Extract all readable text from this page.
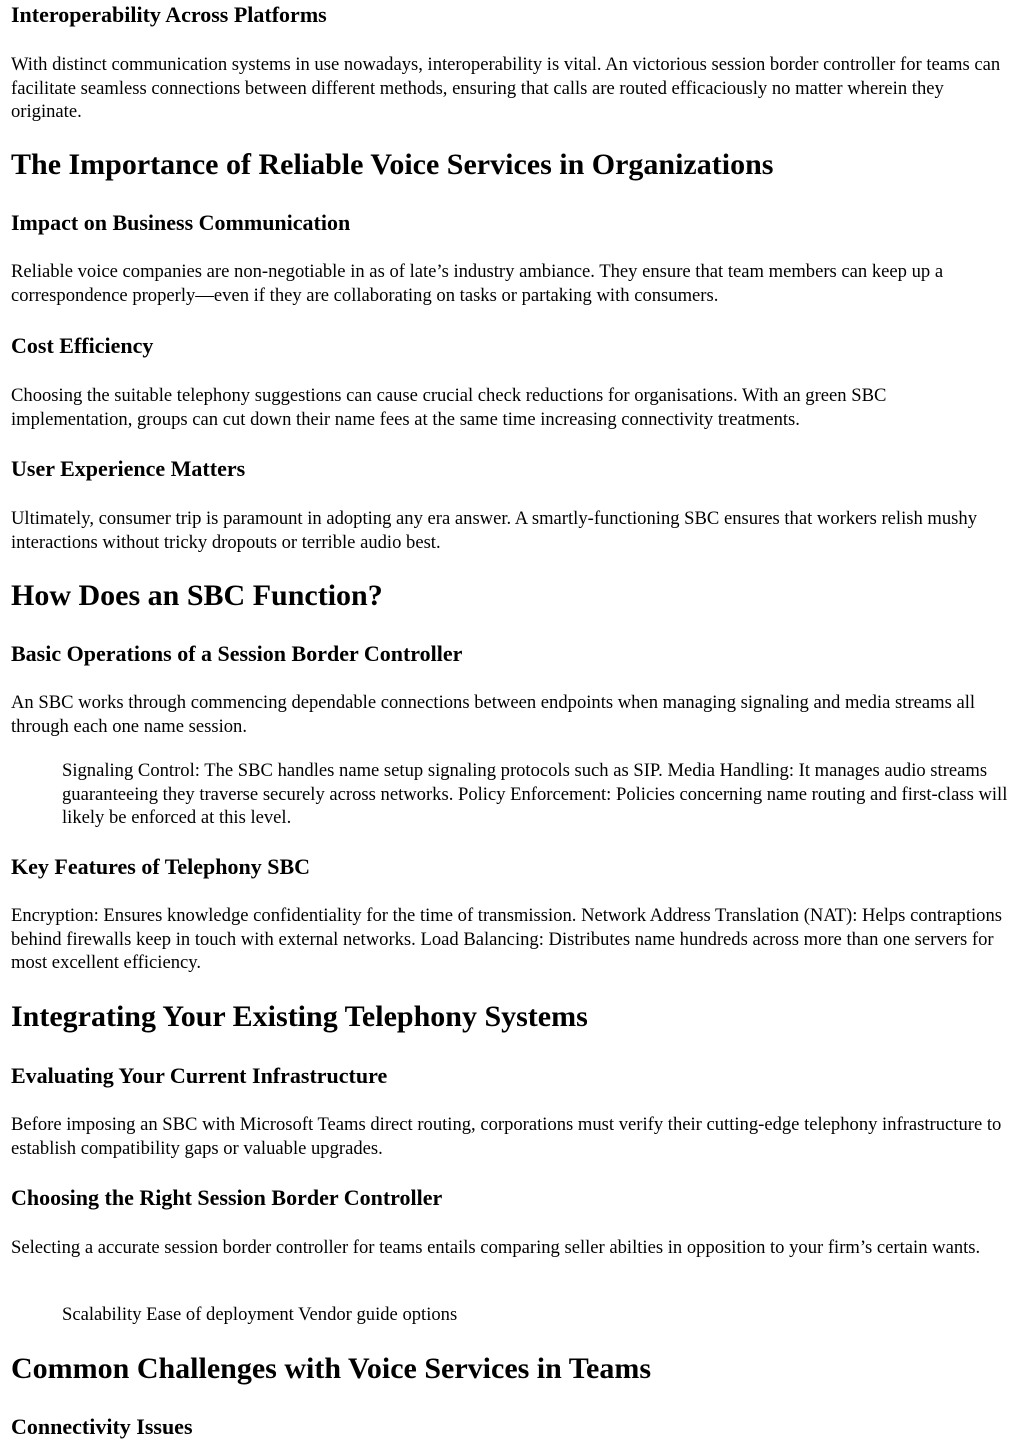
Interoperability Across Platforms

With distinct communication systems in use nowadays, interoperability is vital. An victorious session border controller for teams can facilitate seamless connections between different methods, ensuring that calls are routed efficaciously no matter wherein they originate.

The Importance of Reliable Voice Services in Organizations
Impact on Business Communication

Reliable voice companies are non-negotiable in as of late’s industry ambiance. They ensure that team members can keep up a correspondence properly—even if they are collaborating on tasks or partaking with consumers.

Cost Efficiency

Choosing the suitable telephony suggestions can cause crucial check reductions for organisations. With an green SBC implementation, groups can cut down their name fees at the same time increasing connectivity treatments.

User Experience Matters

Ultimately, consumer trip is paramount in adopting any era answer. A smartly-functioning SBC ensures that workers relish mushy interactions without tricky dropouts or terrible audio best.

How Does an SBC Function?
Basic Operations of a Session Border Controller

An SBC works through commencing dependable connections between endpoints when managing signaling and media streams all through each one name session.

Signaling Control: The SBC handles name setup signaling protocols such as SIP. Media Handling: It manages audio streams guaranteeing they traverse securely across networks. Policy Enforcement: Policies concerning name routing and first-class will likely be enforced at this level.
Key Features of Telephony SBC

Encryption: Ensures knowledge confidentiality for the time of transmission. Network Address Translation (NAT): Helps contraptions behind firewalls keep in touch with external networks. Load Balancing: Distributes name hundreds across more than one servers for most excellent efficiency.

Integrating Your Existing Telephony Systems
Evaluating Your Current Infrastructure

Before imposing an SBC with Microsoft Teams direct routing, corporations must verify their cutting-edge telephony infrastructure to establish compatibility gaps or valuable upgrades.

Choosing the Right Session Border Controller

Selecting a accurate session border controller for teams entails comparing seller abilties in opposition to your firm’s certain wants.

Scalability Ease of deployment Vendor guide options
Common Challenges with Voice Services in Teams
Connectivity Issues
